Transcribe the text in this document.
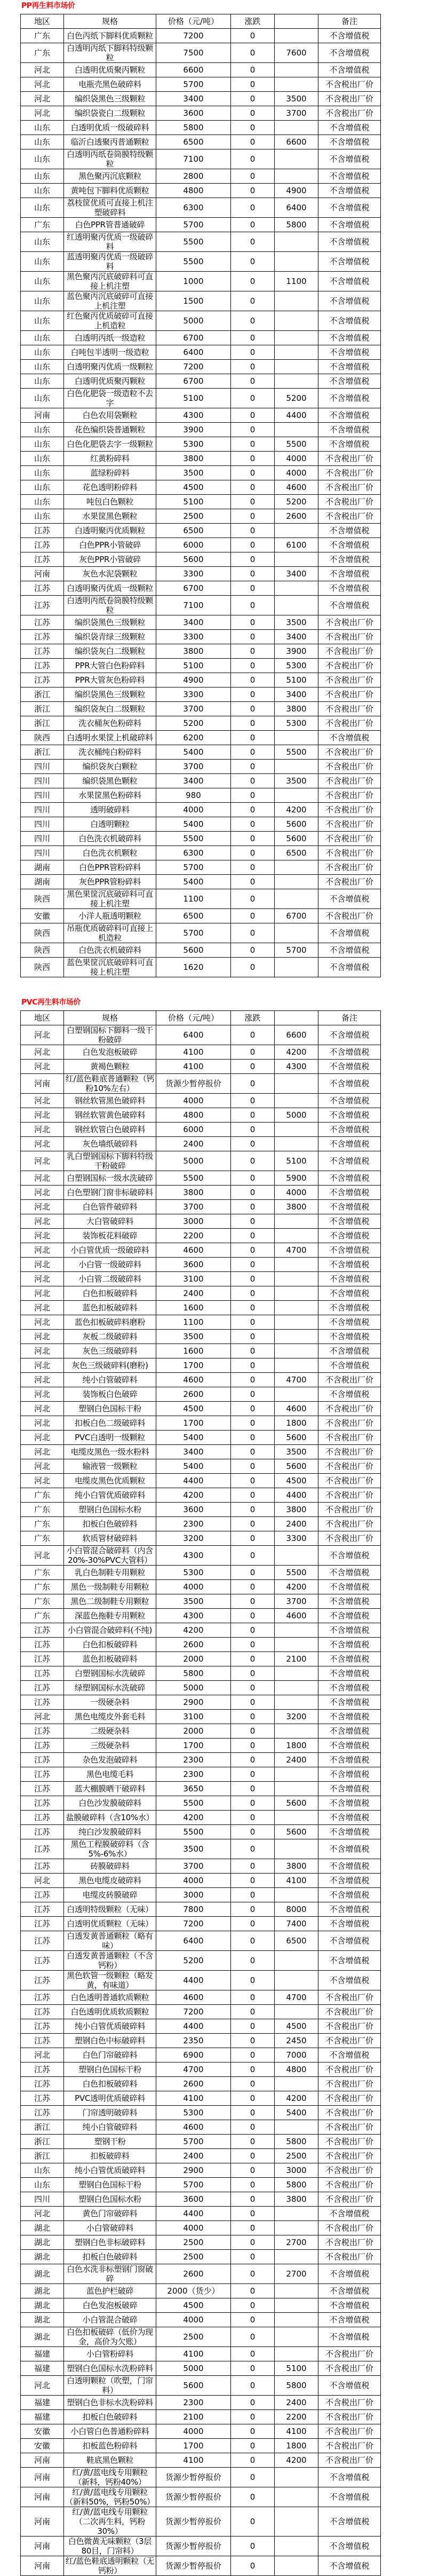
PP再生料市场价
地区	规格	价格（元/吨）	涨跌		备注
广东	白色丙纸下脚料优质颗粒	7200	0		不含增值税
广东	白透明丙纸下脚料特级颗粒	7500	0	7600	不含增值税
河北	白透明优质聚丙颗粒	6600	0		不含增值税
河北	电瓶壳黑色破碎料	5700	0		不含税出厂价
河北	编织袋黑色三级颗粒	3400	0	3500	不含税出厂价
河北	编织袋瓷白二级颗粒	3600	0	3700	不含税出厂价
山东	白透明优质一级破碎料	5800	0		不含增值税
山东	临沂白透聚丙普通颗粒	6500	0	6600	不含增值税
山东	白透明丙纸卷筒膜特级颗粒	7100	0		不含增值税
山东	黑色聚丙沉底颗粒	2800	0		不含增值税
山东	黄吨包下脚料优质颗粒	4800	0	4900	不含增值税
山东	荔枝筐优质可直接上机注塑破碎料	6300	0	6400	不含增值税
广东	白色PPR管普通破碎	5700	0	5800	不含增值税
山东	红透明聚丙优质一级破碎料	5500	0		不含增值税
山东	蓝透明聚丙优质一级破碎料	5500	0		不含增值税
山东	黑色聚丙沉底破碎料可直接上机注塑	1000	0	1100	不含增值税
山东	蓝色聚丙沉底破碎可直接上机注塑	1500	0		不含增值税
山东	红色聚丙优质破碎可直接上机造粒	5000	0		不含增值税
山东	白透明丙纸一级造粒	6700	0		不含增值税
山东	白吨包半透明一级造粒	6400	0		不含增值税
山东	白透明聚丙优质一级颗粒	7200	0		不含增值税
山东	白透明优质聚丙颗粒	6700	0		不含增值税
山东	白色化肥袋一级造粒不去字	5100	0	5200	不含增值税
河南	白色农用袋颗粒	4300	0	4400	不含增值税
山东	花色编织袋普通颗粒	3900	0		不含增值税
山东	白色化肥袋去字一级颗粒	5300	0	5500	不含增值税
山东	红黄粉碎料	3800	0	4000	不含税出厂价
山东	蓝绿粉碎料	3500	0	4000	不含税出厂价
山东	花色透明粉碎料	4500	0	4600	不含税出厂价
山东	吨包白色颗粒	5100	0	5200	不含税出厂价
山东	水果筐黑色颗粒	2500	0	2600	不含税出厂价
江苏	白透明聚丙优质颗粒	6500	0		不含增值税
江苏	白色PPR小管破碎	6000	0	6100	不含增值税
江苏	灰色PPR小管破碎	5600	0		不含增值税
河南	灰色水泥袋颗粒	3300	0	3400	不含增值税
江苏	白透明聚丙优质一级颗粒	6700	0		不含增值税
江苏	白透明丙纸卷筒膜特级颗粒	7100	0		不含增值税
江苏	编织袋黑色三级颗粒	3400	0	3500	不含税出厂价
江苏	编织袋青绿三级颗粒	3300	0	3400	不含税出厂价
江苏	编织袋灰白二级颗粒	3800	0	3900	不含税出厂价
江苏	PPR大管白色粉碎料	5100	0	5300	不含税出厂价
江苏	PPR大管灰色粉碎料	4900	0	5100	不含税出厂价
浙江	编织袋黑色三级颗粒	3300	0	3400	不含税出厂价
浙江	编织袋灰白二级颗粒	3700	0	3800	不含税出厂价
浙江	洗衣桶灰色粉碎料	5200	0	5300	不含税出厂价
陕西	白透明水果筐上机破碎料	6200	0		不含增值税
浙江	洗衣桶纯白粉碎料	5400	0	5500	不含税出厂价
四川	编织袋灰白颗粒	3700	0		不含税出厂价
四川	编织袋黑色颗粒	3400	0	3500	不含税出厂价
四川	水果筐黑色粉碎料	980	0		不含税出厂价
四川	透明破碎料	4000	0	4200	不含税出厂价
四川	白透明颗粒	5400	0	5600	不含税出厂价
四川	白色洗衣机破碎料	5500	0	5600	不含税出厂价
四川	白色洗衣机颗粒	6300	0	6500	不含税出厂价
湖南	白色PPR管粉碎料	5700	0		不含税出厂价
湖南	灰色PPR管粉碎料	5400	0		不含税出厂价
陕西	黑色果筐沉底破碎料可直接上机注塑	1100	0		不含增值税
安徽	小洋人瓶透明颗粒	6500	0	6700	不含税出厂价
陕西	吊瓶优质破碎料可直接上机造粒	5700	0		不含增值税
陕西	白色洗衣机破碎料	5600	0	5700	不含增值税
陕西	蓝色果筐沉底破碎料可直接上机注塑	1620	0		不含增值税
PVC再生料市场价
地区	规格	价格（元/吨）	涨跌		备注
河北	白塑钢国标下脚料一级干粉破碎	6400	0	6600	不含增值税
河北	白色发泡板破碎	4100	0	4200	不含增值税
河北	黄褐色颗粒	4100	0	4300	不含增值税
河南	红/蓝色鞋底普通颗粒（钙粉10%左右）	货源少暂停报价	0		不含增值税
河北	钢丝软管黑色破碎料	4000	0		不含增值税
河北	钢丝软管黄色破碎料	4800	0	5000	不含增值税
河北	钢丝软管白色破碎料	6000	0		不含增值税
河北	灰色墙纸破碎料	2400	0		不含增值税
河北	乳白塑钢国标下脚料特级干粉破碎	5000	0	5100	不含增值税
河北	白塑钢国标一级水洗破碎	5500	0	5900	不含增值税
河北	白色塑钢门窗非标破碎料	3800	0	4000	不含增值税
河北	白色管件破碎料	3700	0	3800	不含增值税
河北	大白管破碎料	3000	0		不含增值税
河北	装饰板花料破碎	2200	0		不含增值税
河北	小白管优质一级破碎料	4600	0	4700	不含增值税
河北	小白管一级破碎料	3600	0		不含增值税
河北	小白管二级破碎料	3100	0		不含增值税
河北	白色扣板破碎料	2400	0		不含增值税
河北	蓝色扣板破碎料	1600	0		不含增值税
河北	蓝色扣板破碎料磨粉	1100	0		不含增值税
河北	灰板二级破碎料	3500	0		不含增值税
河北	灰色三级破碎料	1600	0		不含增值税
河北	灰色三级破碎料(磨粉)	1700	0		不含增值税
河北	纯小白管破碎料	4600	0	4700	不含税出厂价
河北	装饰板白色破碎	2600	0		不含增值税
河北	塑钢白色国标干粉	4500	0	4600	不含税出厂价
河北	扣板白色二级破碎料	1700	0	1800	不含税出厂价
河北	PVC白透明一级颗粒	5400	0	5600	不含税出厂价
河北	电缆皮黑色一级水粉料	3400	0	3500	不含税出厂价
河北	输液管一级颗粒	5400	0	5600	不含税出厂价
河北	电缆皮黑色优质颗粒	4400	0	4500	不含税出厂价
广东	纯小白管优质破碎料	4200	0	4400	不含税出厂价
广东	塑钢白色国标水粉	3600	0	3800	不含税出厂价
广东	扣板白色破碎料	2300	0	2400	不含税出厂价
广东	软质管材破碎料	3200	0	3300	不含税出厂价
河北	小白管混合破碎料（内含20%-30%PVC大管料）	4300	0		不含增值税
广东	乳白色制鞋专用颗粒	5300	0	5500	不含增值税
广东	黑色一级制鞋专用颗粒	4000	0	4200	不含增值税
广东	黑色二级制鞋专用颗粒	3500	0	3700	不含增值税
广东	深蓝色拖鞋专用颗粒	4300	0	4600	不含增值税
江苏	小白管混合破碎料(不纯)	4200	0		不含增值税
江苏	白色扣板破碎料	2600	0		不含增值税
江苏	蓝色扣板破碎料	2000	0	2100	不含增值税
江苏	白塑钢国标水洗破碎	5800	0		不含增值税
江苏	绿塑钢国标水洗破碎	5000	0		不含增值税
江苏	一级硬杂料	2900	0		不含增值税
河北	黑色电缆皮外套毛料	3100	0	3200	不含增值税
江苏	二级硬杂料	2000	0		不含增值税
江苏	三级硬杂料	1700	0	1800	不含增值税
江苏	杂色发泡破碎料	2300	0	2400	不含增值税
江苏	黑色电缆毛料	2300	0		不含增值税
江苏	蓝大棚膜晒干破碎料	3650	0		不含增值税
江苏	白色沙发膜破碎料	5500	0	5600	不含增值税
江苏	盐膜破碎料（含10%水）	4200	0		不含增值税
江苏	纯白沙发膜破碎料	5500	0	5600	不含增值税
江苏	黑色工程膜破碎料（含5%-6%水）	3500	0		不含增值税
江苏	砖膜破碎料	3700	0	3800	不含增值税
河北	黑色电缆皮破碎料	4000	0	4100	不含增值税
江苏	电缆皮砖膜破碎	3000	0		不含增值税
江苏	白透明特级颗粒（无味）	7800	0	8000	不含增值税
江苏	白透明优质颗粒（无味）	7200	0	7400	不含增值税
江苏	白透发黄普通颗粒（略有味）	6400	0	6500	不含增值税
江苏	白透发黄普通颗粒（不含钙粉）	5200	0		不含增值税
江苏	黑色软管一级颗粒（略发黄，有味道）	4400	0		不含增值税
江苏	白色透明普通软质颗粒	4600	0	4700	不含税出厂价
江苏	白色透明优质软质颗粒	7200	0		不含税出厂价
江苏	纯小白管优质破碎料	4400	0	4500	不含税出厂价
江苏	塑钢白色中标破碎料	2350	0	2450	不含税出厂价
河北	白色门帘破碎料	6900	0	7000	不含增值税
江苏	塑钢白色国标干粉	4700	0	4800	不含税出厂价
江苏	白色扣板破碎料	2600	0		不含税出厂价
江苏	PVC透明优质破碎料	4100	0	4200	不含税出厂价
江苏	门帘透明破碎料	5300	0	5400	不含税出厂价
浙江	纯小白管破碎料	4600	0		不含税出厂价
浙江	塑钢干粉	5700	0	5800	不含税出厂价
浙江	扣板破碎料	2400	0	2500	不含税出厂价
山东	纯小白管优质破碎料	2900	0	3000	不含税出厂价
山东	塑钢白色国标干粉	5700	0	5800	不含税出厂价
四川	塑钢白色国标水粉	3600	0	3800	不含税出厂价
河北	黄色门帘破碎料	4400	0		不含增值税
湖北	小白管破碎料	4000	0		不含税出厂价
湖北	塑钢白色非标破碎料	2500	0	2700	不含税出厂价
湖北	扣板白色破碎料	2500	0		不含税出厂价
湖北	白色水洗非标塑钢门窗破碎	2600	0	2700	不含增值税
湖北	蓝色护栏破碎	2000（货少）	0		不含增值税
湖北	白色发泡板破碎	4500	0		不含增值税
湖北	小白管混合破碎	4000	0		不含增值税
湖北	白色扣板破碎（低价为现金，高价为欠账）	2500	0		不含增值税
福建	小白管粉碎料	4100	0		不含税出厂价
福建	塑钢白色国标水洗粉碎料	5000	0	5100	不含税出厂价
河北	白透明颗粒（吹塑，门帘料）	5600	0	5800	不含增值税
福建	塑钢白色非标水洗粉碎料	2300	0	2400	不含税出厂价
福建	扣板白色破碎料	2100	0	2200	不含税出厂价
安徽	小白管白色普通粉碎料	4000	0	4100	不含税出厂价
安徽	扣板蓝色粉碎料	1700	0	1800	不含税出厂价
河南	鞋底黑色颗粒	4100	0	4200	不含税出厂价
河南	红/黄/蓝电线专用颗粒（新料，钙粉40%）	货源少暂停报价	0		不含增值税
河南	红/黄/蓝电线专用颗粒（新料50%，钙粉50%）	货源少暂停报价	0		不含增值税
河南	红/黄/蓝电线专用颗粒（二次再生料，钙粉30%）	货源少暂停报价	0		不含增值税
河南	白色微黄无味颗粒（3层80目，门帘料）	货源少暂停报价	0		不含增值税
河南	红/蓝色鞋底透明颗粒（无钙粉）	货源少暂停报价	0		不含增值税
